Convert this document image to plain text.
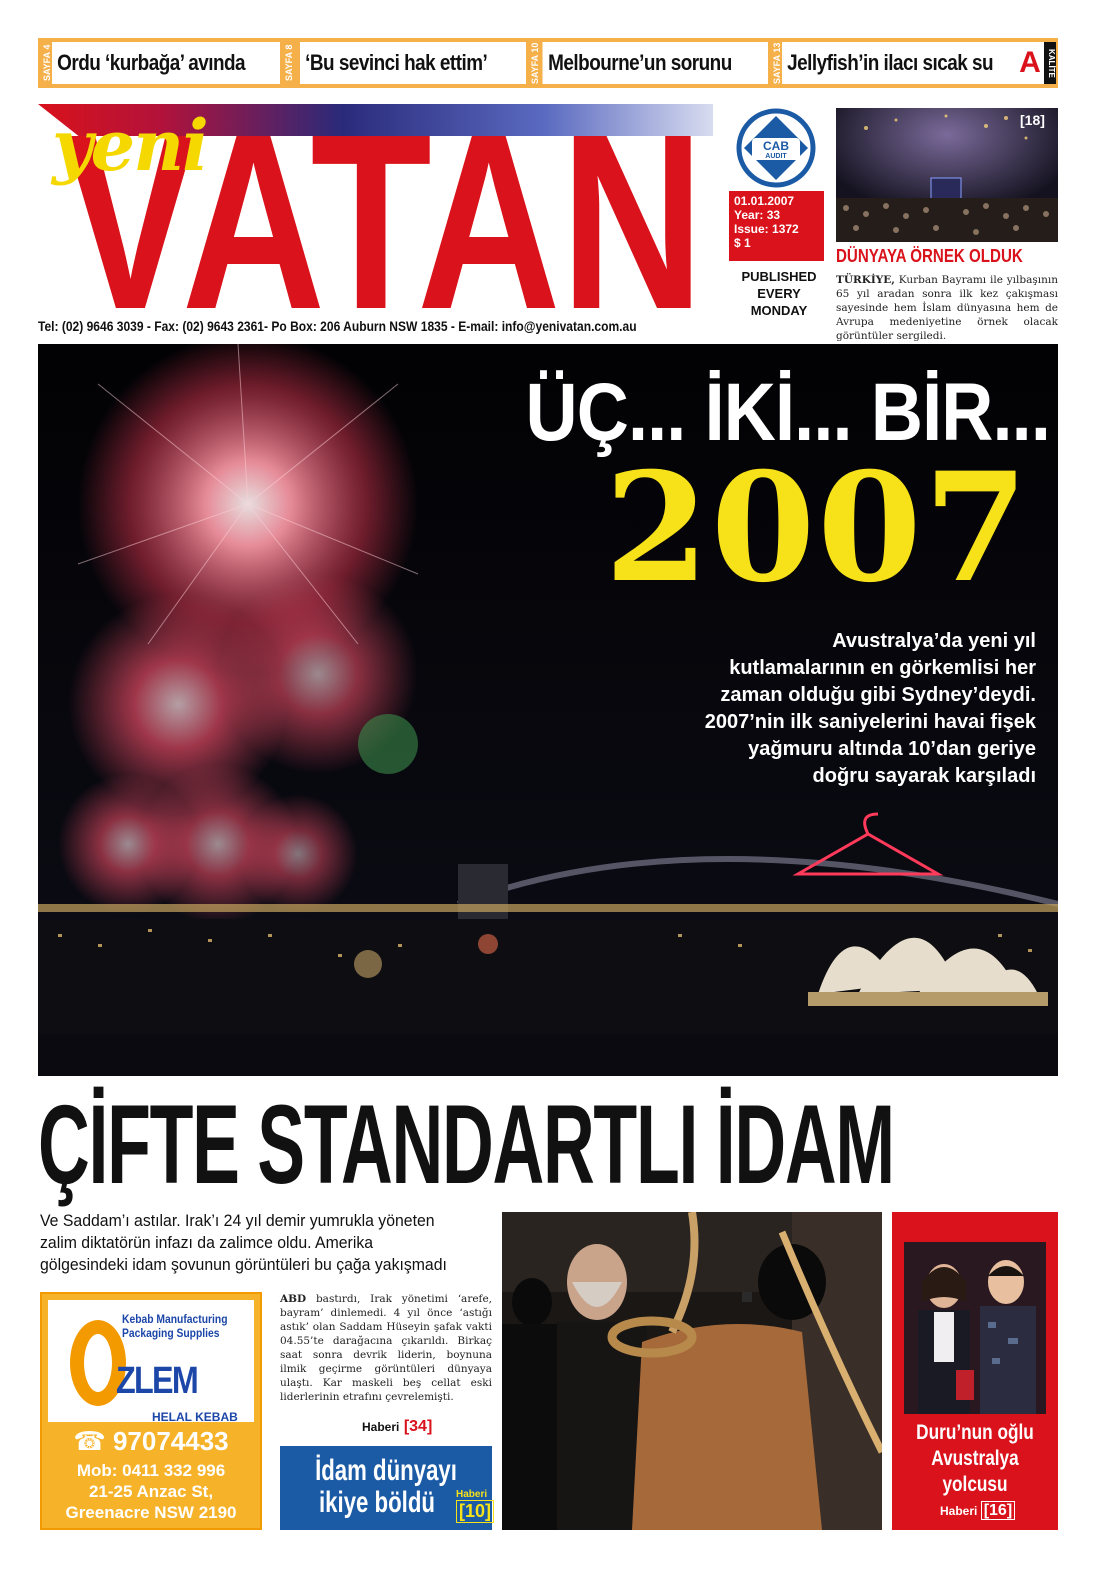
SAYFA 4 Ordu ‘kurbağa’ avında	SAYFA 8 ‘Bu sevinci hak ettim’	SAYFA 10 Melbourne’un sorunu	SAYFA 13 Jellyfish’in ilacı sıcak su A KALİTE
VATAN
yeni
Tel: (02) 9646 3039 - Fax: (02) 9643 2361- Po Box: 206 Auburn NSW 1835 - E-mail: info@yenivatan.com.au
CAB
AUDIT
01.01.2007
Year: 33
Issue: 1372
$ 1
PUBLISHED
EVERY
MONDAY
[18]
DÜNYAYA ÖRNEK OLDUK
TÜRKİYE, Kurban Bayramı ile yılbaşının 65 yıl aradan sonra ilk kez çakışması sayesinde hem İslam dünyasına hem de Avrupa medeniyetine örnek olacak görüntüler sergiledi.
ÜÇ... İKİ... BİR...
2007
Avustralya’da yeni yıl kutlamalarının en görkemlisi her zaman olduğu gibi Sydney’deydi. 2007’nin ilk saniyelerini havai fişek yağmuru altında 10’dan geriye doğru sayarak karşıladı
ÇİFTE STANDARTLI İDAM
Ve Saddam’ı astılar. Irak’ı 24 yıl demir yumrukla yöneten zalim diktatörün infazı da zalimce oldu. Amerika gölgesindeki idam şovunun görüntüleri bu çağa yakışmadı
Kebab Manufacturing
Packaging Supplies
ZLEM
HELAL KEBAB
☎ 97074433
Mob: 0411 332 996
21-25 Anzac St,
Greenacre NSW 2190
ABD bastırdı, Irak yönetimi ‘arefe, bayram’ dinlemedi. 4 yıl önce ‘astığı astık’ olan Saddam Hüseyin şafak vakti 04.55’te darağacına çıkarıldı. Birkaç saat sonra devrik liderin, boynuna ilmik geçirme görüntüleri dünyaya ulaştı. Kar maskeli beş cellat eski liderlerinin etrafını çevrelemişti.
Haberi [34]
İdam dünyayı
ikiye böldü	Haberi
[10]
Duru’nun oğlu Avustralya yolcusu
Haberi [16]
